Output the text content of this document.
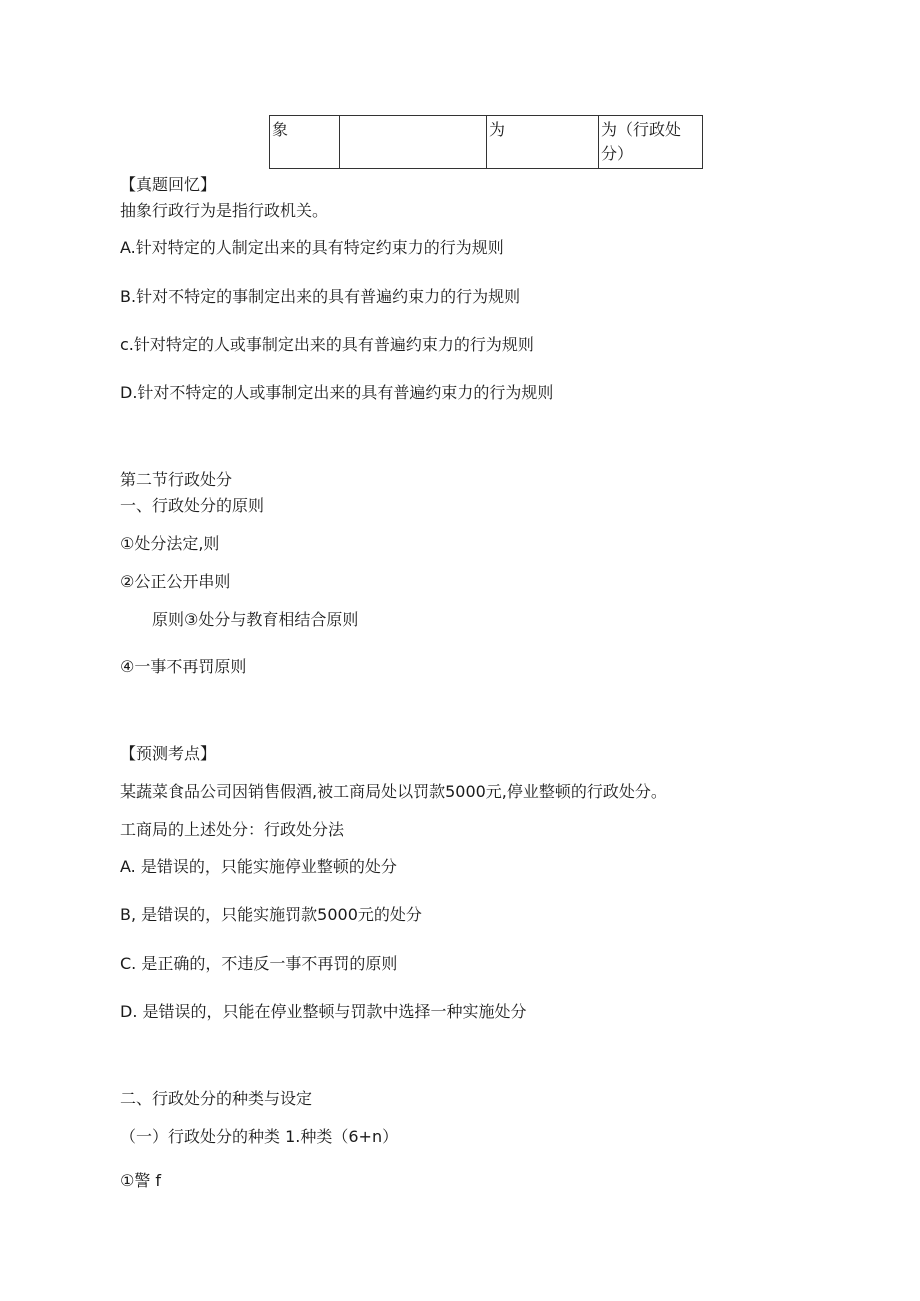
象		为	为（行政处分）
【真题回忆】
抽象行政行为是指行政机关。
A.针对特定的人制定出来的具有特定约束力的行为规则
B.针对不特定的事制定出来的具有普遍约束力的行为规则
c.针对特定的人或事制定出来的具有普遍约束力的行为规则
D.针对不特定的人或事制定出来的具有普遍约束力的行为规则
第二节行政处分
一、行政处分的原则
①处分法定,则
②公正公开串则
原则③处分与教育相结合原则
④一事不再罚原则
【预测考点】
某蔬菜食品公司因销售假酒,被工商局处以罚款5000元,停业整顿的行政处分。
工商局的上述处分：行政处分法
A. 是错误的，只能实施停业整顿的处分
B, 是错误的，只能实施罚款5000元的处分
C. 是正确的，不违反一事不再罚的原则
D. 是错误的，只能在停业整顿与罚款中选择一种实施处分
二、行政处分的种类与设定
（一）行政处分的种类 1.种类（6+n）
①警 f
